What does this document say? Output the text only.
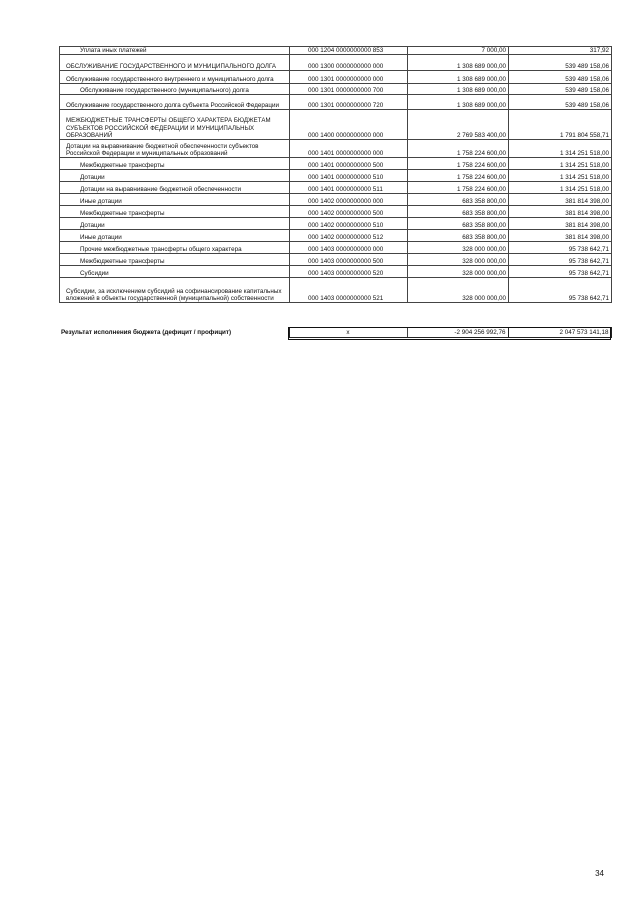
Уплата иных платежей	000 1204 0000000000 853	7 000,00	317,92
ОБСЛУЖИВАНИЕ ГОСУДАРСТВЕННОГО И МУНИЦИПАЛЬНОГО ДОЛГА	000 1300 0000000000 000	1 308 689 000,00	539 489 158,06
Обслуживание государственного внутреннего и муниципального долга	000 1301 0000000000 000	1 308 689 000,00	539 489 158,06
Обслуживание государственного (муниципального) долга	000 1301 0000000000 700	1 308 689 000,00	539 489 158,06
Обслуживание государственного долга субъекта Российской Федерации	000 1301 0000000000 720	1 308 689 000,00	539 489 158,06
МЕЖБЮДЖЕТНЫЕ ТРАНСФЕРТЫ ОБЩЕГО ХАРАКТЕРА БЮДЖЕТАМ СУБЪЕКТОВ РОССИЙСКОЙ ФЕДЕРАЦИИ И МУНИЦИПАЛЬНЫХ ОБРАЗОВАНИЙ	000 1400 0000000000 000	2 769 583 400,00	1 791 804 558,71
Дотации на выравнивание бюджетной обеспеченности субъектов Российской Федерации и муниципальных образований	000 1401 0000000000 000	1 758 224 600,00	1 314 251 518,00
Межбюджетные трансферты	000 1401 0000000000 500	1 758 224 600,00	1 314 251 518,00
Дотации	000 1401 0000000000 510	1 758 224 600,00	1 314 251 518,00
Дотации на выравнивание бюджетной обеспеченности	000 1401 0000000000 511	1 758 224 600,00	1 314 251 518,00
Иные дотации	000 1402 0000000000 000	683 358 800,00	381 814 398,00
Межбюджетные трансферты	000 1402 0000000000 500	683 358 800,00	381 814 398,00
Дотации	000 1402 0000000000 510	683 358 800,00	381 814 398,00
Иные дотации	000 1402 0000000000 512	683 358 800,00	381 814 398,00
Прочие межбюджетные трансферты общего характера	000 1403 0000000000 000	328 000 000,00	95 738 642,71
Межбюджетные трансферты	000 1403 0000000000 500	328 000 000,00	95 738 642,71
Субсидии	000 1403 0000000000 520	328 000 000,00	95 738 642,71
Субсидии, за исключением субсидий на софинансирование капитальных вложений в объекты государственной (муниципальной) собственности	000 1403 0000000000 521	328 000 000,00	95 738 642,71
Результат исполнения бюджета (дефицит / профицит)	x	-2 904 256 992,76	2 047 573 141,18
34
